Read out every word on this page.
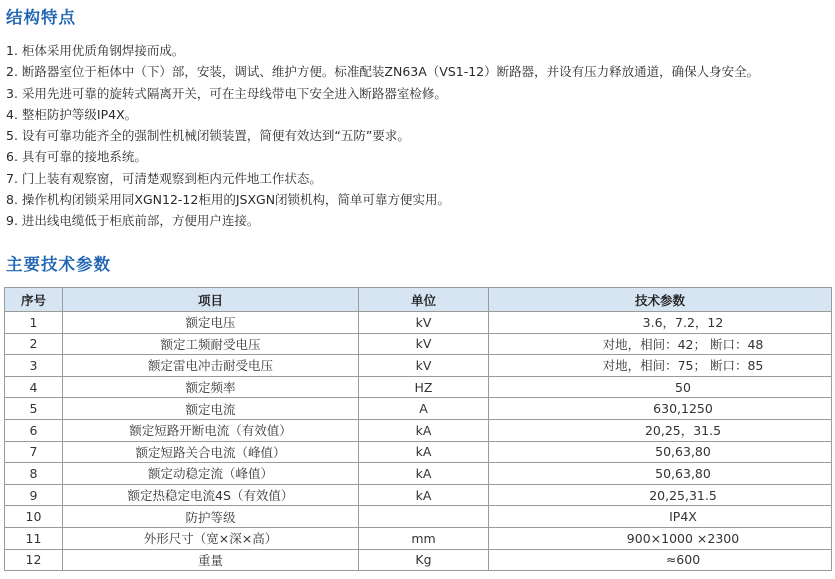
结构特点
1. 柜体采用优质角钢焊接而成。
2. 断路器室位于柜体中（下）部，安装，调试、维护方便。标准配装ZN63A（VS1-12）断路器，并设有压力释放通道，确保人身安全。
3. 采用先进可靠的旋转式隔离开关，可在主母线带电下安全进入断路器室检修。
4. 整柜防护等级IP4X。
5. 设有可靠功能齐全的强制性机械闭锁装置，简便有效达到“五防”要求。
6. 具有可靠的接地系统。
7. 门上装有观察窗，可清楚观察到柜内元件地工作状态。
8. 操作机构闭锁采用同XGN12-12柜用的JSXGN闭锁机构，简单可靠方便实用。
9. 进出线电缆低于柜底前部，方便用户连接。
主要技术参数
序号	项目	单位	技术参数
1	额定电压	kV	3.6，7.2，12
2	额定工频耐受电压	kV	对地，相间：42； 断口：48
3	额定雷电冲击耐受电压	kV	对地，相间：75； 断口：85
4	额定频率	HZ	50
5	额定电流	A	630,1250
6	额定短路开断电流（有效值）	kA	20,25，31.5
7	额定短路关合电流（峰值）	kA	50,63,80
8	额定动稳定流（峰值）	kA	50,63,80
9	额定热稳定电流4S（有效值）	kA	20,25,31.5
10	防护等级		IP4X
11	外形尺寸（宽×深×高）	mm	900×1000 ×2300
12	重量	Kg	≈600
